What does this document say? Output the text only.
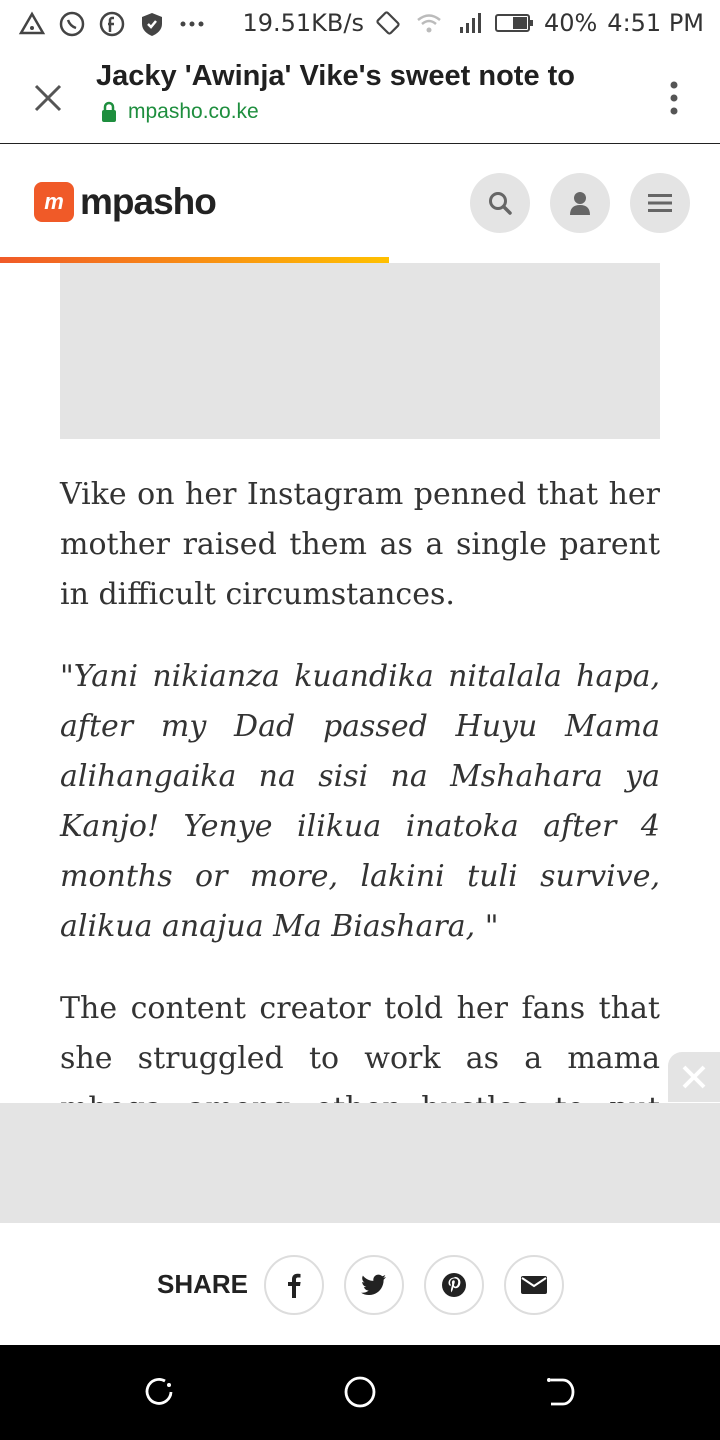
19.51KB/s	40% 4:51 PM
Jacky 'Awinja' Vike's sweet note to
mpasho.co.ke
m mpasho

Vike on her Instagram penned that her mother raised them as a single parent in difficult circumstances.

"Yani nikianza kuandika nitalala hapa, after my Dad passed Huyu Mama alihangaika na sisi na Mshahara ya Kanjo! Yenye ilikua inatoka after 4 months or more, lakini tuli survive, alikua anajua Ma Biashara, "

The content creator told her fans that she struggled to work as a mama

SHARE
